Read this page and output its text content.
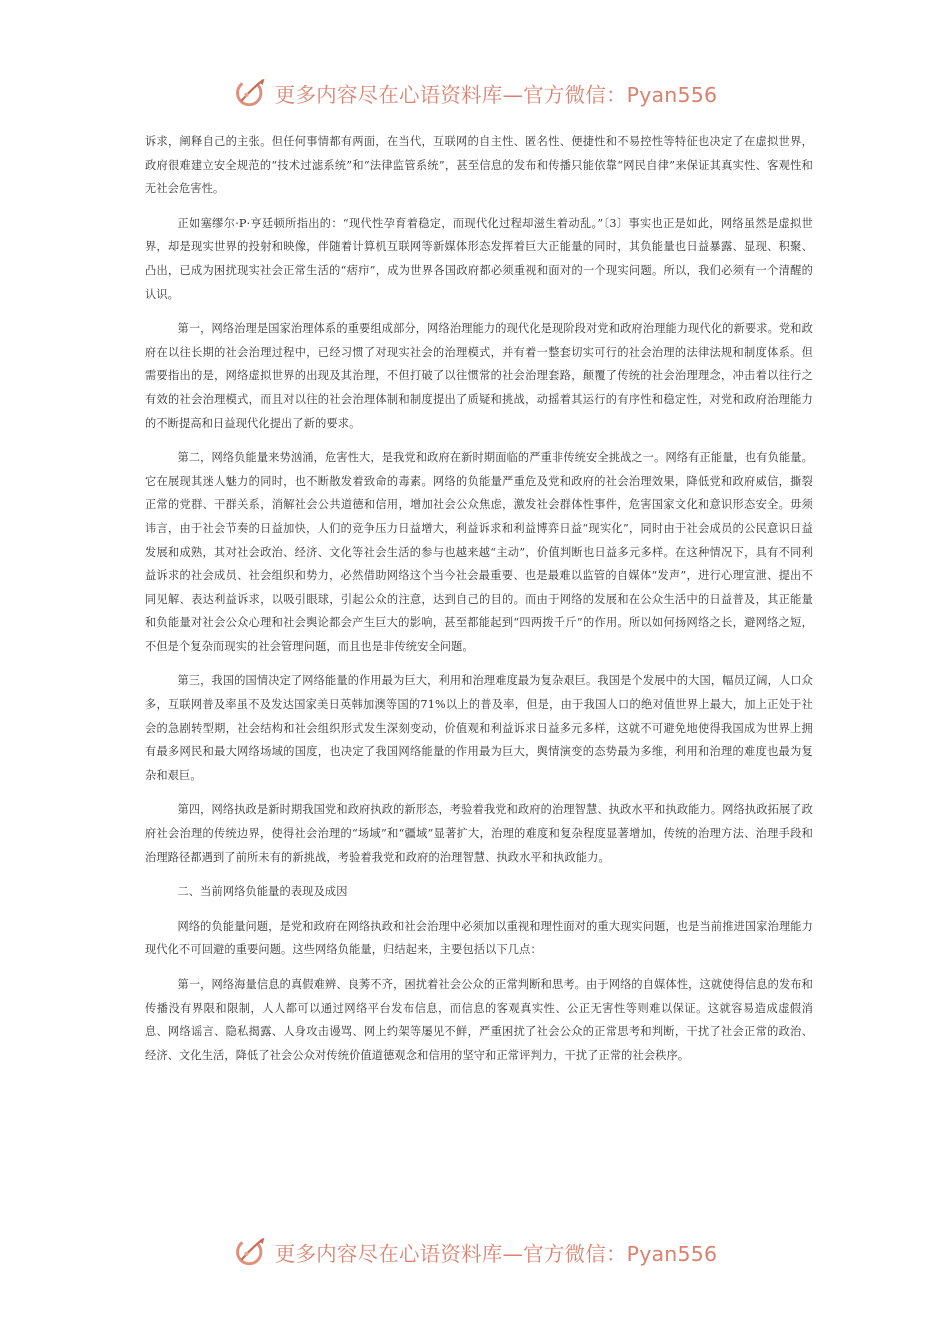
更多内容尽在心语资料库—官方微信：Pyan556

诉求，阐释自己的主张。但任何事情都有两面，在当代，互联网的自主性、匿名性、便捷性和不易控性等特征也决定了在虚拟世界，政府很难建立安全规范的“技术过滤系统”和“法律监管系统”，甚至信息的发布和传播只能依靠“网民自律”来保证其真实性、客观性和无社会危害性。

正如塞缪尔·P·亨廷顿所指出的：“现代性孕育着稳定，而现代化过程却滋生着动乱。”〔3〕事实也正是如此，网络虽然是虚拟世界，却是现实世界的投射和映像，伴随着计算机互联网等新媒体形态发挥着巨大正能量的同时，其负能量也日益暴露、显现、积聚、凸出，已成为困扰现实社会正常生活的“痞疖”，成为世界各国政府都必须重视和面对的一个现实问题。所以，我们必须有一个清醒的认识。

第一，网络治理是国家治理体系的重要组成部分，网络治理能力的现代化是现阶段对党和政府治理能力现代化的新要求。党和政府在以往长期的社会治理过程中，已经习惯了对现实社会的治理模式，并有着一整套切实可行的社会治理的法律法规和制度体系。但需要指出的是，网络虚拟世界的出现及其治理，不但打破了以往惯常的社会治理套路，颠覆了传统的社会治理理念，冲击着以往行之有效的社会治理模式，而且对以往的社会治理体制和制度提出了质疑和挑战，动摇着其运行的有序性和稳定性，对党和政府治理能力的不断提高和日益现代化提出了新的要求。

第二，网络负能量来势汹涌，危害性大，是我党和政府在新时期面临的严重非传统安全挑战之一。网络有正能量，也有负能量。它在展现其迷人魅力的同时，也不断散发着致命的毒素。网络的负能量严重危及党和政府的社会治理效果，降低党和政府威信，撕裂正常的党群、干群关系，消解社会公共道德和信用，增加社会公众焦虑，激发社会群体性事件，危害国家文化和意识形态安全。毋须讳言，由于社会节奏的日益加快，人们的竞争压力日益增大，利益诉求和利益博弈日益“现实化”，同时由于社会成员的公民意识日益发展和成熟，其对社会政治、经济、文化等社会生活的参与也越来越“主动”，价值判断也日益多元多样。在这种情况下，具有不同利益诉求的社会成员、社会组织和势力，必然借助网络这个当今社会最重要、也是最难以监管的自媒体“发声”，进行心理宣泄、提出不同见解、表达利益诉求，以吸引眼球，引起公众的注意，达到自己的目的。而由于网络的发展和在公众生活中的日益普及，其正能量和负能量对社会公众心理和社会舆论都会产生巨大的影响，甚至都能起到“四两拨千斤”的作用。所以如何扬网络之长，避网络之短，不但是个复杂而现实的社会管理问题，而且也是非传统安全问题。

第三，我国的国情决定了网络能量的作用最为巨大，利用和治理难度最为复杂艰巨。我国是个发展中的大国，幅员辽阔，人口众多，互联网普及率虽不及发达国家美日英韩加澳等国的71%以上的普及率，但是，由于我国人口的绝对值世界上最大，加上正处于社会的急剧转型期，社会结构和社会组织形式发生深刻变动，价值观和利益诉求日益多元多样，这就不可避免地使得我国成为世界上拥有最多网民和最大网络场域的国度，也决定了我国网络能量的作用最为巨大，舆情演变的态势最为多维，利用和治理的难度也最为复杂和艰巨。

第四，网络执政是新时期我国党和政府执政的新形态，考验着我党和政府的治理智慧、执政水平和执政能力。网络执政拓展了政府社会治理的传统边界，使得社会治理的“场域”和“疆域”显著扩大，治理的难度和复杂程度显著增加，传统的治理方法、治理手段和治理路径都遇到了前所未有的新挑战，考验着我党和政府的治理智慧、执政水平和执政能力。

二、当前网络负能量的表现及成因

网络的负能量问题，是党和政府在网络执政和社会治理中必须加以重视和理性面对的重大现实问题，也是当前推进国家治理能力现代化不可回避的重要问题。这些网络负能量，归结起来，主要包括以下几点：

第一，网络海量信息的真假难辨、良莠不齐，困扰着社会公众的正常判断和思考。由于网络的自媒体性，这就使得信息的发布和传播没有界限和限制，人人都可以通过网络平台发布信息，而信息的客观真实性、公正无害性等则难以保证。这就容易造成虚假消息、网络谣言、隐私揭露、人身攻击谩骂、网上约架等屡见不鲜，严重困扰了社会公众的正常思考和判断，干扰了社会正常的政治、经济、文化生活，降低了社会公众对传统价值道德观念和信用的坚守和正常评判力，干扰了正常的社会秩序。

更多内容尽在心语资料库—官方微信：Pyan556
